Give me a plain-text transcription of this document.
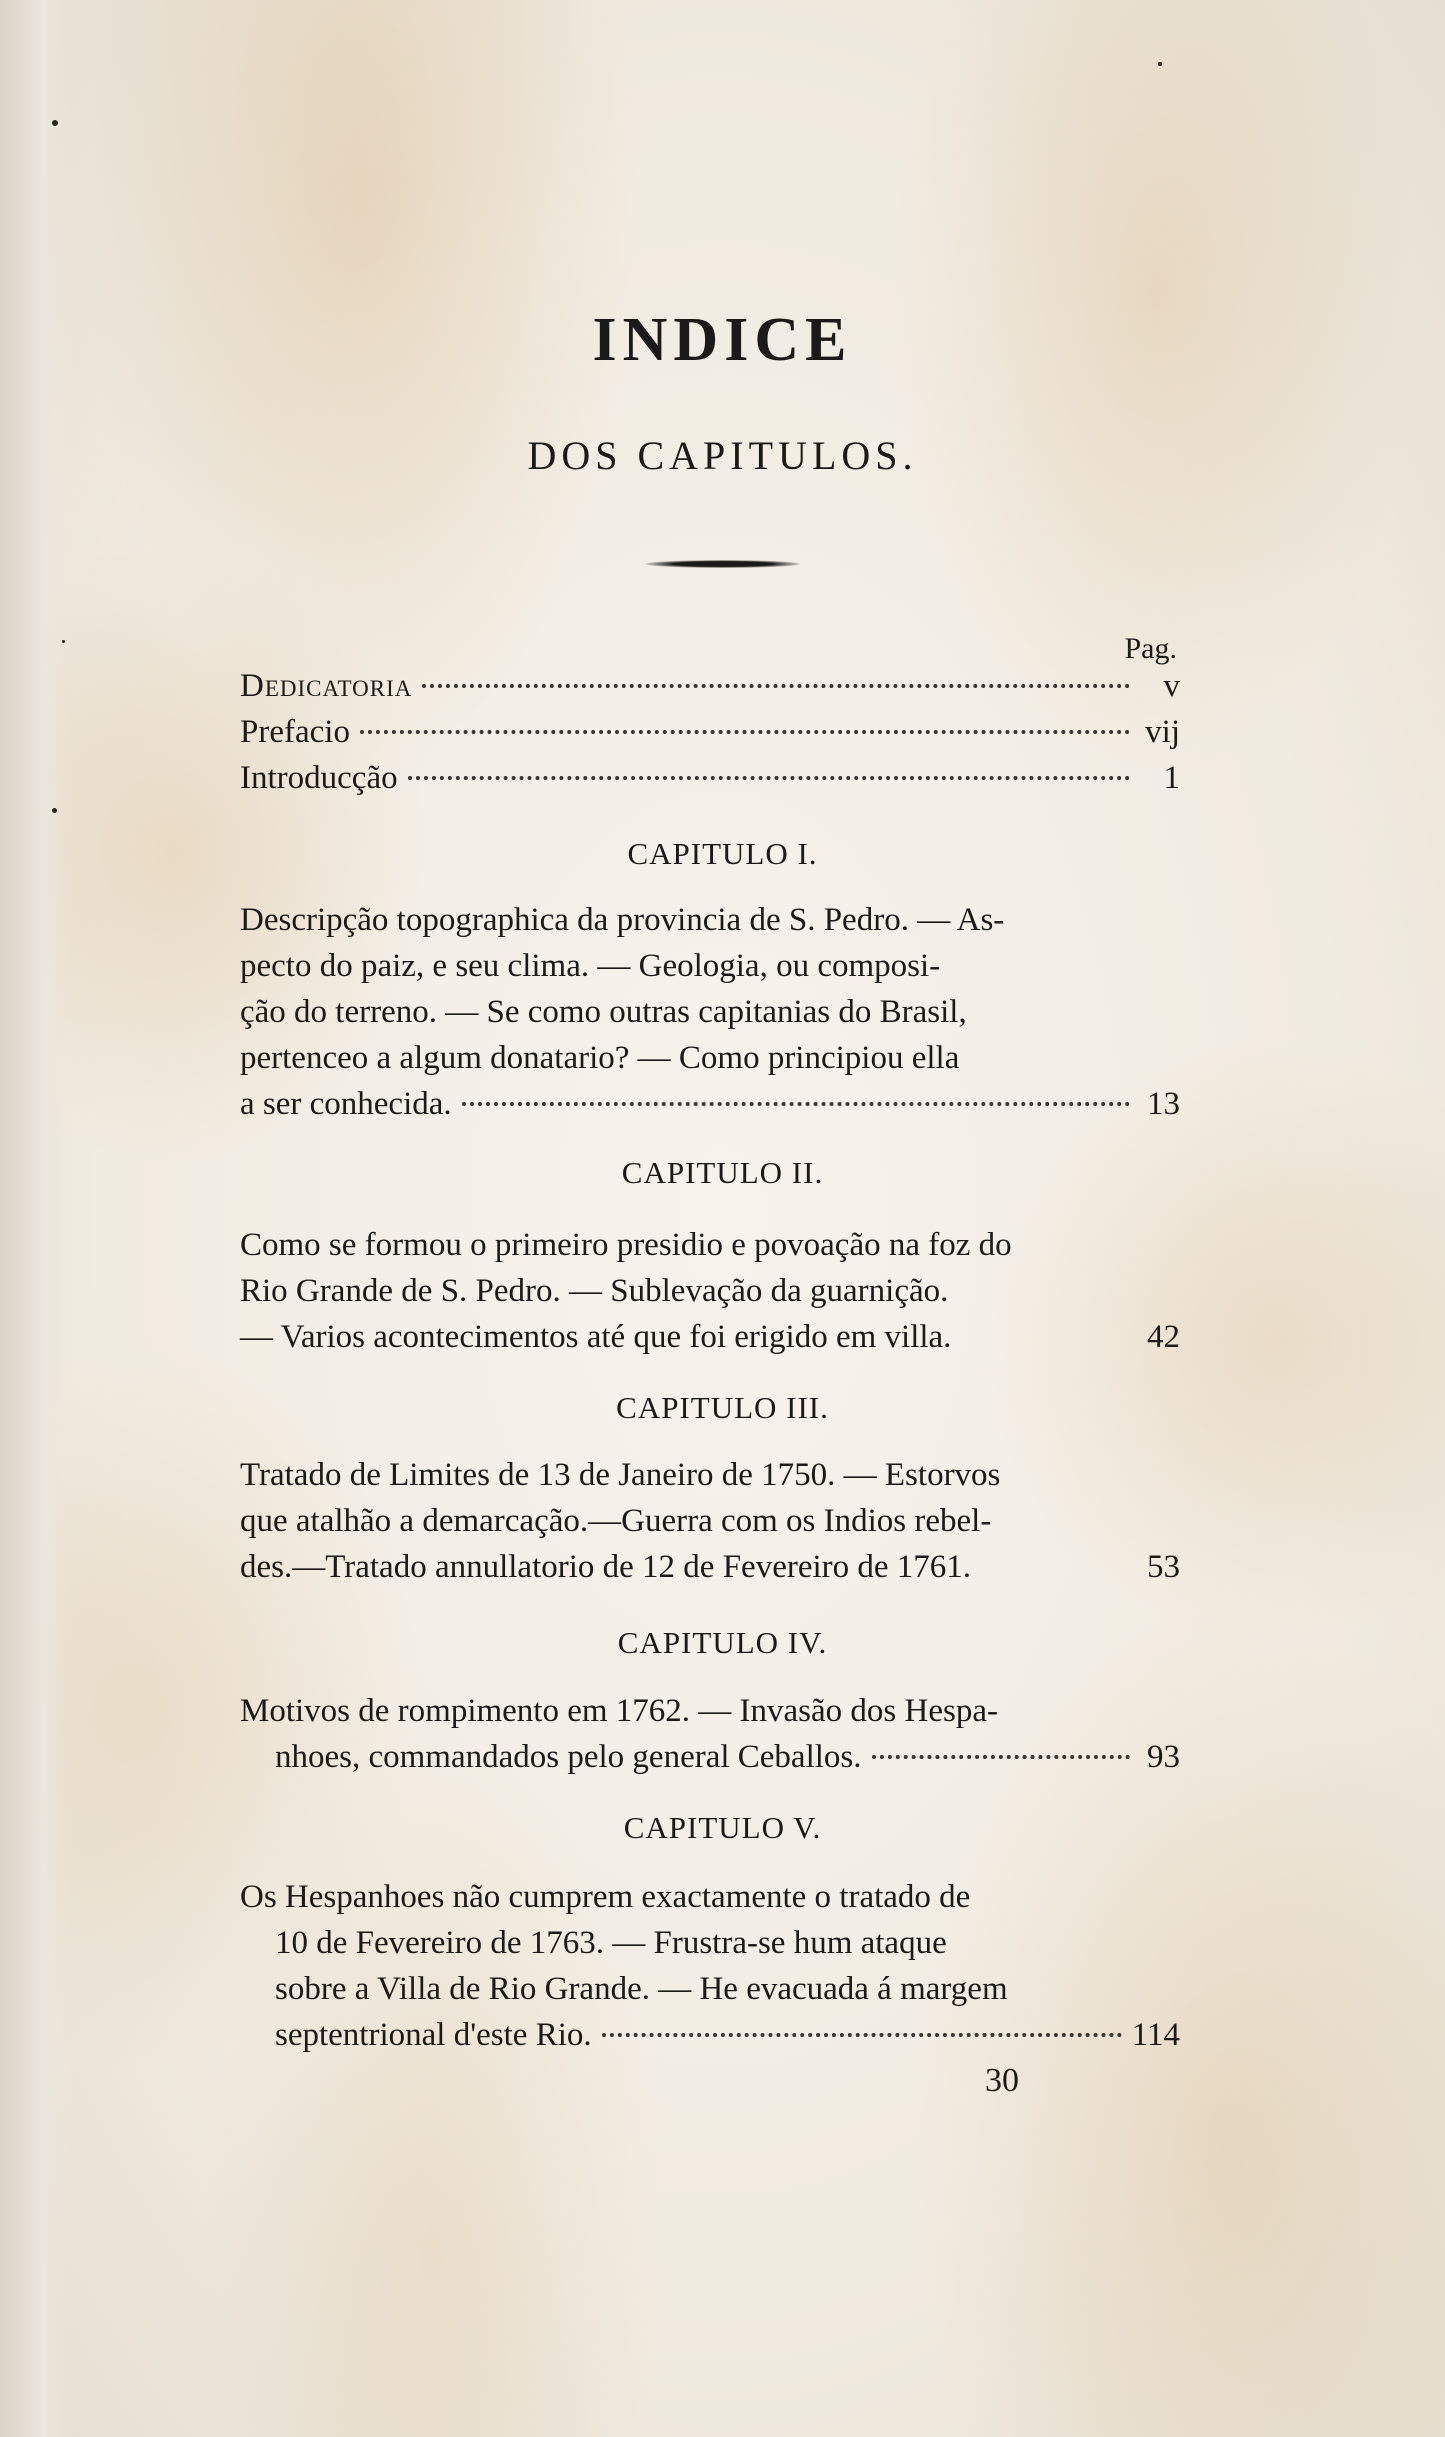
INDICE
DOS CAPITULOS.
Pag.
Dedicatoria	v
Prefacio	vij
Introducção	1
CAPITULO I.
Descripção topographica da provincia de S. Pedro. — As-
pecto do paiz, e seu clima. — Geologia, ou composi-
ção do terreno. — Se como outras capitanias do Brasil,
pertenceo a algum donatario? — Como principiou ella
a ser conhecida.	13
CAPITULO II.
Como se formou o primeiro presidio e povoação na foz do
Rio Grande de S. Pedro. — Sublevação da guarnição.
— Varios acontecimentos até que foi erigido em villa.	42
CAPITULO III.
Tratado de Limites de 13 de Janeiro de 1750. — Estorvos
que atalhão a demarcação.—Guerra com os Indios rebel-
des.—Tratado annullatorio de 12 de Fevereiro de 1761.	53
CAPITULO IV.
Motivos de rompimento em 1762. — Invasão dos Hespa-
nhoes, commandados pelo general Ceballos.	93
CAPITULO V.
Os Hespanhoes não cumprem exactamente o tratado de
10 de Fevereiro de 1763. — Frustra-se hum ataque
sobre a Villa de Rio Grande. — He evacuada á margem
septentrional d'este Rio.	114
30
